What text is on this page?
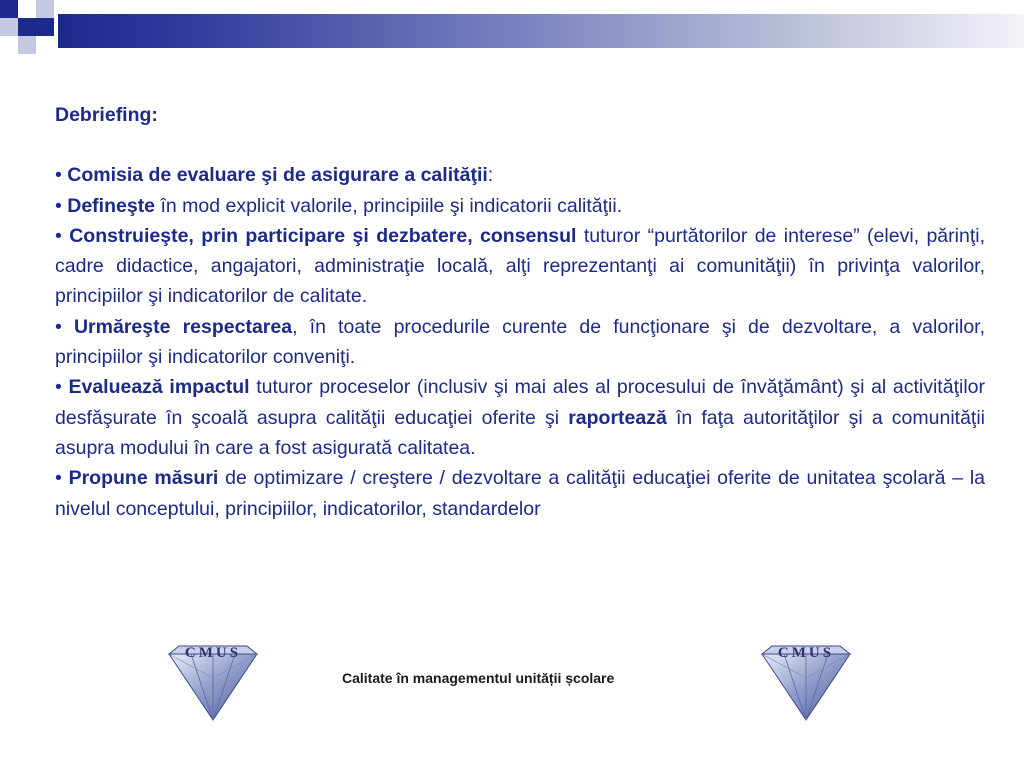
Debriefing:

• Comisia de evaluare şi de asigurare a calităţii:

• Defineşte în mod explicit valorile, principiile şi indicatorii calităţii.

• Construieşte, prin participare şi dezbatere, consensul tuturor “purtătorilor de interese” (elevi, părinţi, cadre didactice, angajatori, administraţie locală, alţi reprezentanţi ai comunităţii) în privinţa valorilor, principiilor şi indicatorilor de calitate.

• Urmăreşte respectarea, în toate procedurile curente de funcţionare şi de dezvoltare, a valorilor, principiilor şi indicatorilor conveniţi.

• Evaluează impactul tuturor proceselor (inclusiv şi mai ales al procesului de învăţământ) şi al activităţilor desfăşurate în şcoală asupra calităţii educaţiei oferite şi raportează în faţa autorităţilor şi a comunităţii asupra modului în care a fost asigurată calitatea.

• Propune măsuri de optimizare / creştere / dezvoltare a calităţii educaţiei oferite de unitatea şcolară – la nivelul conceptului, principiilor, indicatorilor, standardelor

CMUS
Calitate în managementul unității școlare
CMUS
